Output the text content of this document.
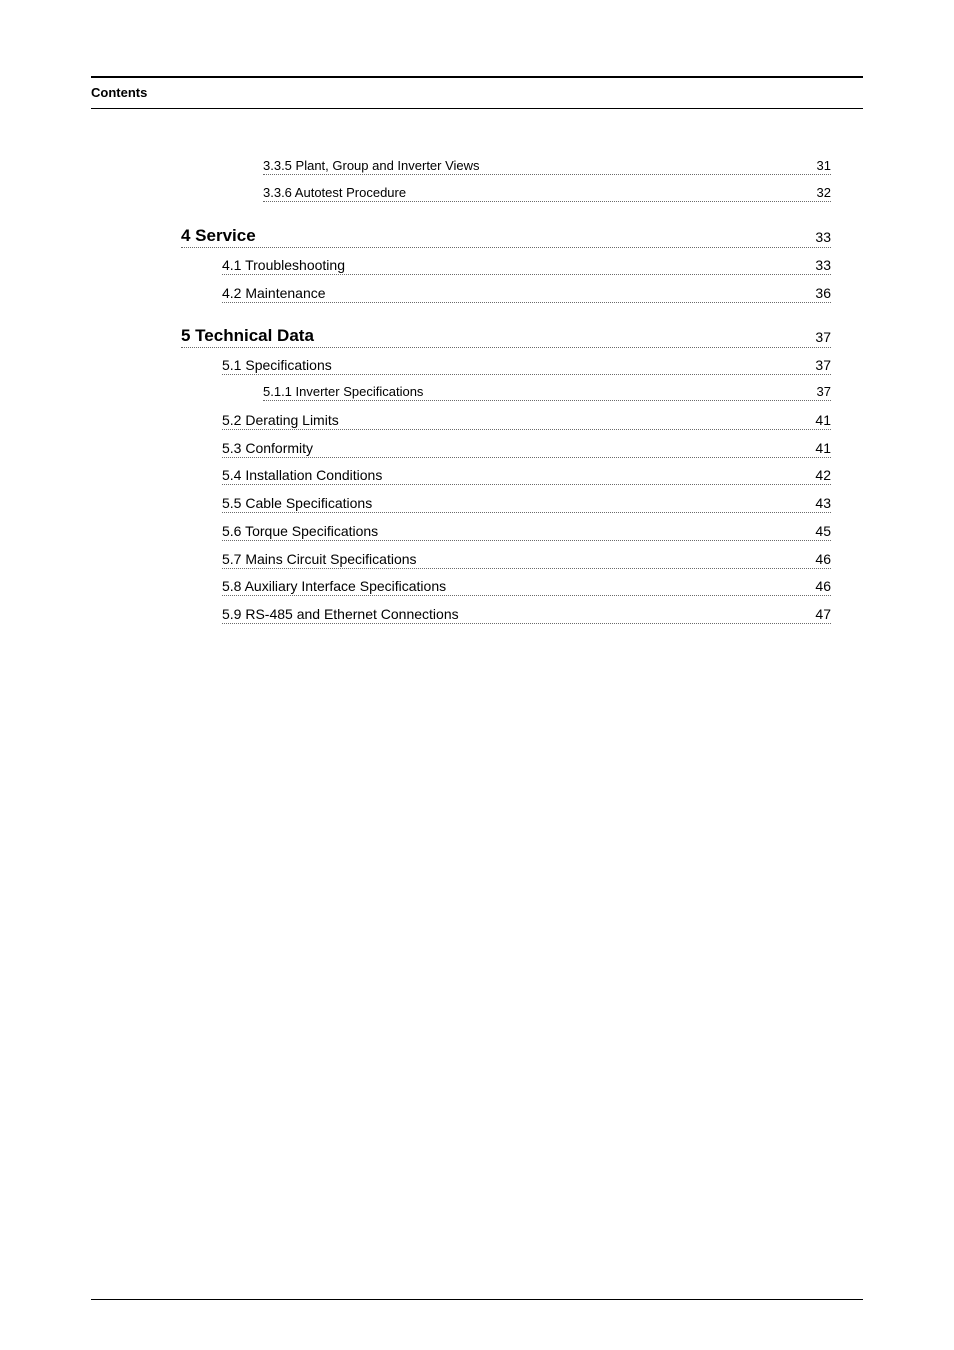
Contents
3.3.5 Plant, Group and Inverter Views	31
3.3.6 Autotest Procedure	32
4 Service	33
4.1 Troubleshooting	33
4.2 Maintenance	36
5 Technical Data	37
5.1 Specifications	37
5.1.1 Inverter Specifications	37
5.2 Derating Limits	41
5.3 Conformity	41
5.4 Installation Conditions	42
5.5 Cable Specifications	43
5.6 Torque Specifications	45
5.7 Mains Circuit Specifications	46
5.8 Auxiliary Interface Specifications	46
5.9 RS-485 and Ethernet Connections	47
